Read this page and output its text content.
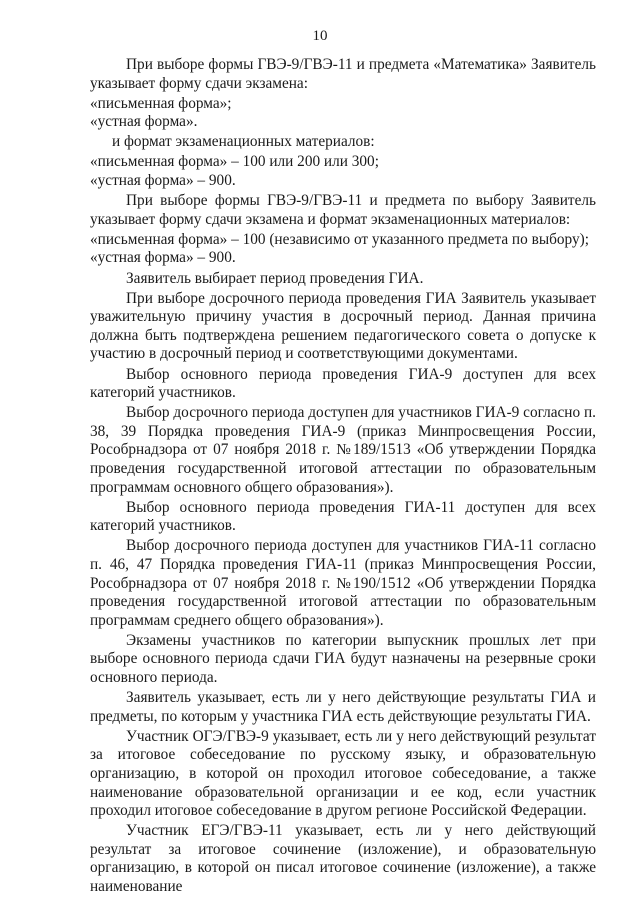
10

При выборе формы ГВЭ-9/ГВЭ-11 и предмета «Математика» Заявитель указывает форму сдачи экзамена:

«письменная форма»;

«устная форма».

и формат экзаменационных материалов:

«письменная форма» – 100 или 200 или 300;

«устная форма» – 900.

При выборе формы ГВЭ-9/ГВЭ-11 и предмета по выбору Заявитель указывает форму сдачи экзамена и формат экзаменационных материалов:

«письменная форма» – 100 (независимо от указанного предмета по выбору);

«устная форма» – 900.

Заявитель выбирает период проведения ГИА.

При выборе досрочного периода проведения ГИА Заявитель указывает уважительную причину участия в досрочный период. Данная причина должна быть подтверждена решением педагогического совета о допуске к участию в досрочный период и соответствующими документами.

Выбор основного периода проведения ГИА-9 доступен для всех категорий участников.

Выбор досрочного периода доступен для участников ГИА-9 согласно п. 38, 39 Порядка проведения ГИА-9 (приказ Минпросвещения России, Рособрнадзора от 07 ноября 2018 г. №189/1513 «Об утверждении Порядка проведения государственной итоговой аттестации по образовательным программам основного общего образования»).

Выбор основного периода проведения ГИА-11 доступен для всех категорий участников.

Выбор досрочного периода доступен для участников ГИА-11 согласно п. 46, 47 Порядка проведения ГИА-11 (приказ Минпросвещения России, Рособрнадзора от 07 ноября 2018 г. №190/1512 «Об утверждении Порядка проведения государственной итоговой аттестации по образовательным программам среднего общего образования»).

Экзамены участников по категории выпускник прошлых лет при выборе основного периода сдачи ГИА будут назначены на резервные сроки основного периода.

Заявитель указывает, есть ли у него действующие результаты ГИА и предметы, по которым у участника ГИА есть действующие результаты ГИА.

Участник ОГЭ/ГВЭ-9 указывает, есть ли у него действующий результат за итоговое собеседование по русскому языку, и образовательную организацию, в которой он проходил итоговое собеседование, а также наименование образовательной организации и ее код, если участник проходил итоговое собеседование в другом регионе Российской Федерации.

Участник ЕГЭ/ГВЭ-11 указывает, есть ли у него действующий результат за итоговое сочинение (изложение), и образовательную организацию, в которой он писал итоговое сочинение (изложение), а также наименование
